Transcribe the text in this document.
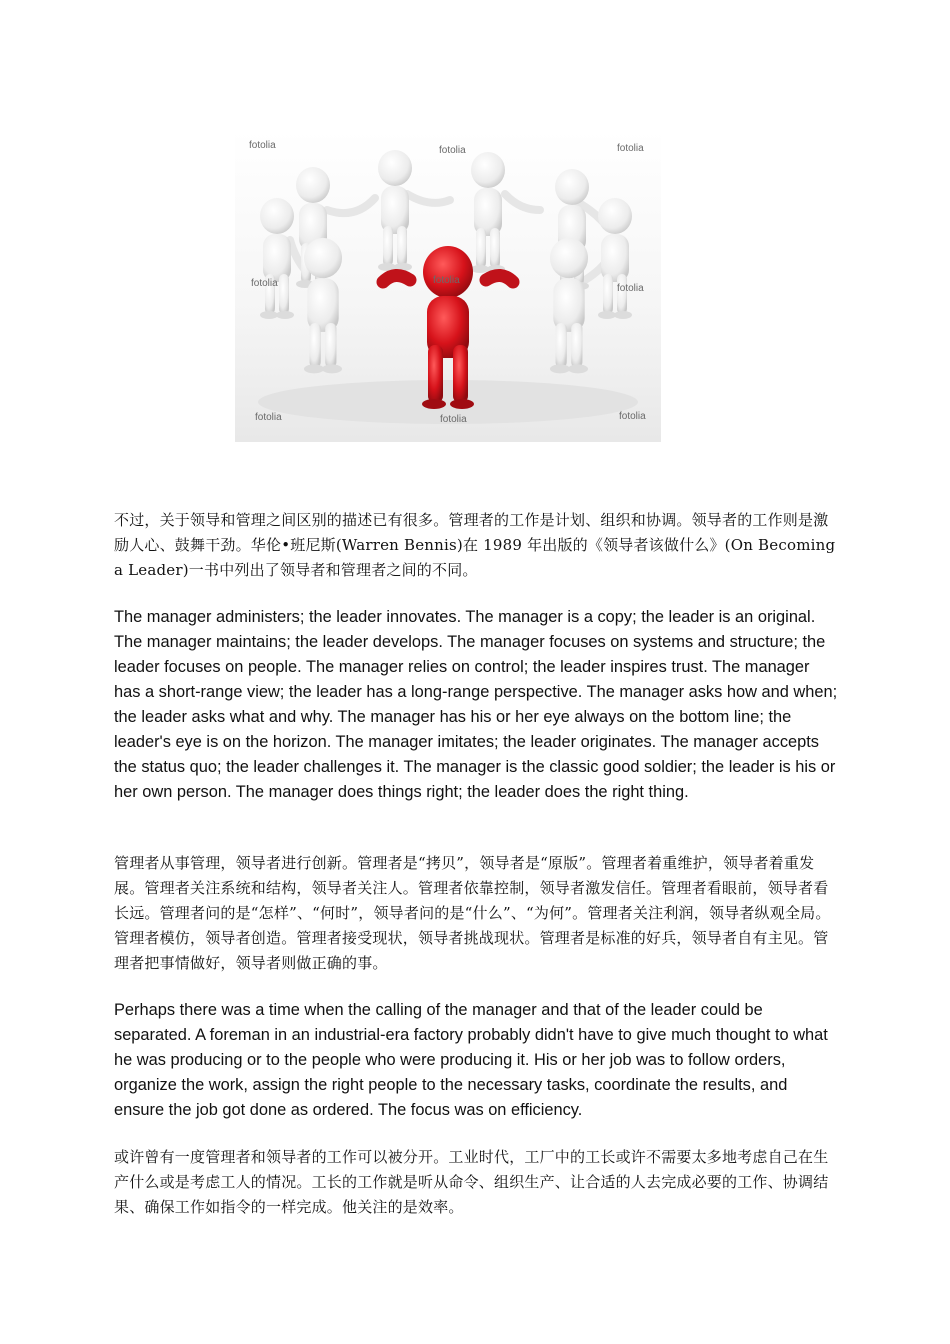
fotolia	fotolia	fotolia
fotolia	fotolia
fotolia
fotolia	fotolia	fotolia

不过，关于领导和管理之间区别的描述已有很多。管理者的工作是计划、组织和协调。领导者的工作则是激励人心、鼓舞干劲。华伦•班尼斯(Warren Bennis)在 1989 年出版的《领导者该做什么》(On Becoming a Leader)一书中列出了领导者和管理者之间的不同。

The manager administers; the leader innovates. The manager is a copy; the leader is an original. The manager maintains; the leader develops. The manager focuses on systems and structure; the leader focuses on people. The manager relies on control; the leader inspires trust. The manager has a short-range view; the leader has a long-range perspective. The manager asks how and when; the leader asks what and why. The manager has his or her eye always on the bottom line; the leader's eye is on the horizon. The manager imitates; the leader originates. The manager accepts the status quo; the leader challenges it. The manager is the classic good soldier; the leader is his or her own person. The manager does things right; the leader does the right thing.

管理者从事管理，领导者进行创新。管理者是“拷贝”，领导者是“原版”。管理者着重维护，领导者着重发展。管理者关注系统和结构，领导者关注人。管理者依靠控制，领导者激发信任。管理者看眼前，领导者看长远。管理者问的是“怎样”、“何时”，领导者问的是“什么”、“为何”。管理者关注利润，领导者纵观全局。管理者模仿，领导者创造。管理者接受现状，领导者挑战现状。管理者是标准的好兵，领导者自有主见。管理者把事情做好，领导者则做正确的事。

Perhaps there was a time when the calling of the manager and that of the leader could be separated. A foreman in an industrial-era factory probably didn't have to give much thought to what he was producing or to the people who were producing it. His or her job was to follow orders, organize the work, assign the right people to the necessary tasks, coordinate the results, and ensure the job got done as ordered. The focus was on efficiency.

或许曾有一度管理者和领导者的工作可以被分开。工业时代，工厂中的工长或许不需要太多地考虑自己在生产什么或是考虑工人的情况。工长的工作就是听从命令、组织生产、让合适的人去完成必要的工作、协调结果、确保工作如指令的一样完成。他关注的是效率。
